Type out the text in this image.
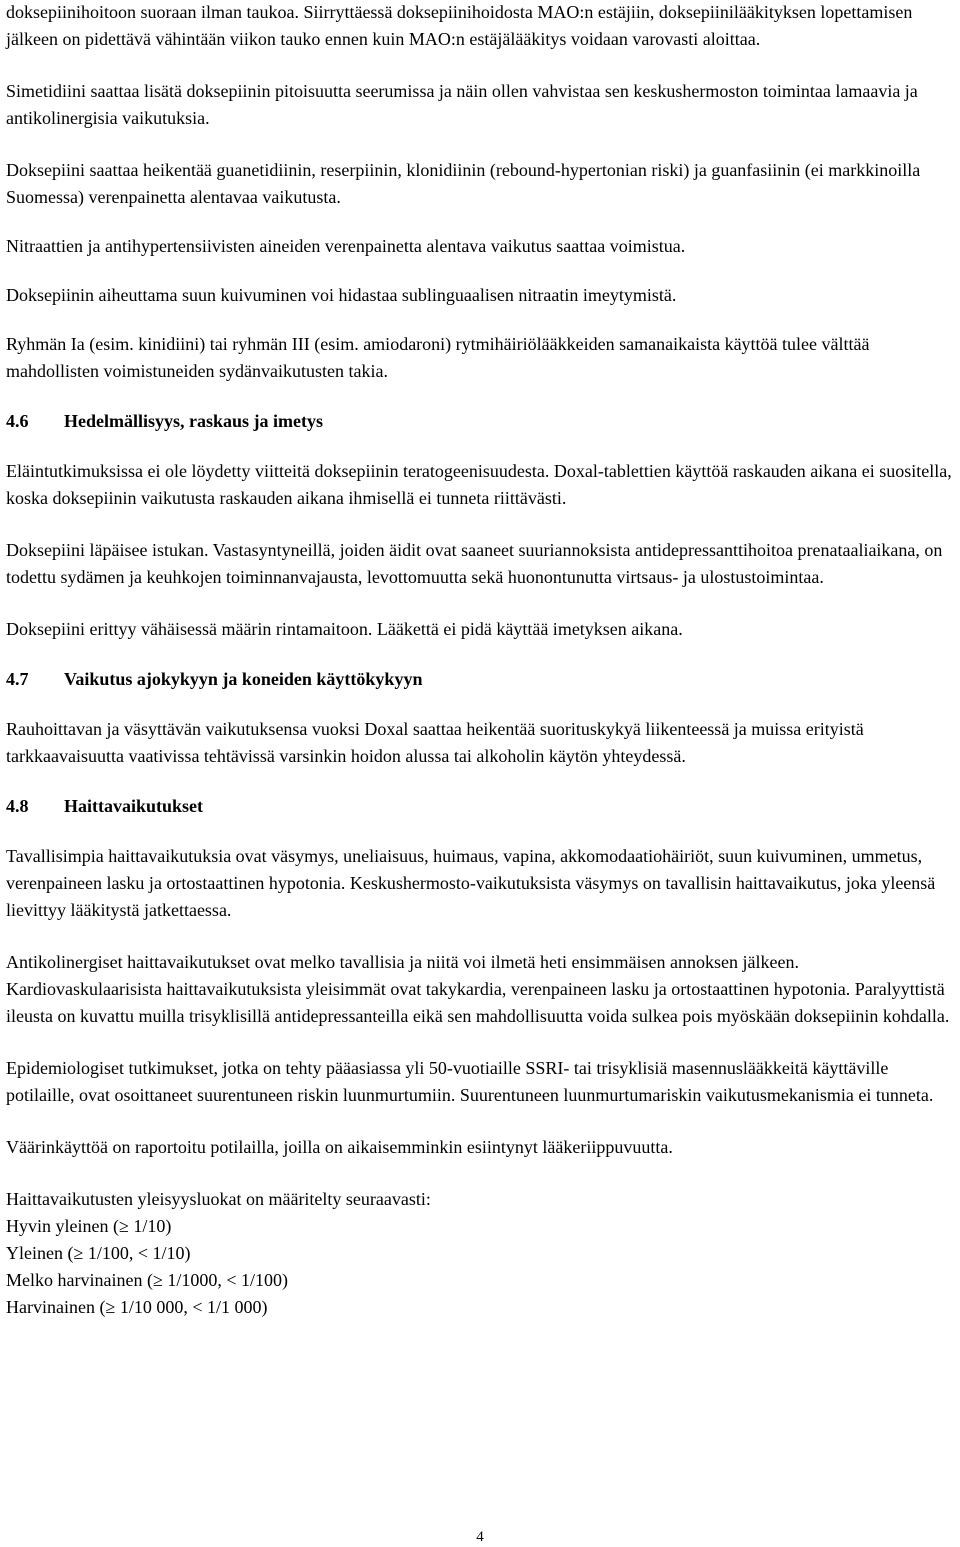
doksepiinihoitoon suoraan ilman taukoa. Siirryttäessä doksepiinihoidosta MAO:n estäjiin, doksepiinilääkityksen lopettamisen jälkeen on pidettävä vähintään viikon tauko ennen kuin MAO:n estäjälääkitys voidaan varovasti aloittaa.

Simetidiini saattaa lisätä doksepiinin pitoisuutta seerumissa ja näin ollen vahvistaa sen keskushermoston toimintaa lamaavia ja antikolinergisia vaikutuksia.

Doksepiini saattaa heikentää guanetidiinin, reserpiinin, klonidiinin (rebound-hypertonian riski) ja guanfasiinin (ei markkinoilla Suomessa) verenpainetta alentavaa vaikutusta.

Nitraattien ja antihypertensiivisten aineiden verenpainetta alentava vaikutus saattaa voimistua.

Doksepiinin aiheuttama suun kuivuminen voi hidastaa sublinguaalisen nitraatin imeytymistä.

Ryhmän Ia (esim. kinidiini) tai ryhmän III (esim. amiodaroni) rytmihäiriölääkkeiden samanaikaista käyttöä tulee välttää mahdollisten voimistuneiden sydänvaikutusten takia.

4.6 Hedelmällisyys, raskaus ja imetys

Eläintutkimuksissa ei ole löydetty viitteitä doksepiinin teratogeenisuudesta. Doxal-tablettien käyttöä raskauden aikana ei suositella, koska doksepiinin vaikutusta raskauden aikana ihmisellä ei tunneta riittävästi.

Doksepiini läpäisee istukan. Vastasyntyneillä, joiden äidit ovat saaneet suuriannoksista antidepressanttihoitoa prenataaliaikana, on todettu sydämen ja keuhkojen toiminnanvajausta, levottomuutta sekä huonontunutta virtsaus- ja ulostustoimintaa.

Doksepiini erittyy vähäisessä määrin rintamaitoon. Lääkettä ei pidä käyttää imetyksen aikana.

4.7 Vaikutus ajokykyyn ja koneiden käyttökykyyn

Rauhoittavan ja väsyttävän vaikutuksensa vuoksi Doxal saattaa heikentää suorituskykyä liikenteessä ja muissa erityistä tarkkaavaisuutta vaativissa tehtävissä varsinkin hoidon alussa tai alkoholin käytön yhteydessä.

4.8 Haittavaikutukset

Tavallisimpia haittavaikutuksia ovat väsymys, uneliaisuus, huimaus, vapina, akkomodaatiohäiriöt, suun kuivuminen, ummetus, verenpaineen lasku ja ortostaattinen hypotonia. Keskushermosto-vaikutuksista väsymys on tavallisin haittavaikutus, joka yleensä lievittyy lääkitystä jatkettaessa.

Antikolinergiset haittavaikutukset ovat melko tavallisia ja niitä voi ilmetä heti ensimmäisen annoksen jälkeen. Kardiovaskulaarisista haittavaikutuksista yleisimmät ovat takykardia, verenpaineen lasku ja ortostaattinen hypotonia. Paralyyttistä ileusta on kuvattu muilla trisyklisillä antidepressanteilla eikä sen mahdollisuutta voida sulkea pois myöskään doksepiinin kohdalla.

Epidemiologiset tutkimukset, jotka on tehty pääasiassa yli 50-vuotiaille SSRI- tai trisyklisiä masennuslääkkeitä käyttäville potilaille, ovat osoittaneet suurentuneen riskin luunmurtumiin. Suurentuneen luunmurtumariskin vaikutusmekanismia ei tunneta.

Väärinkäyttöä on raportoitu potilailla, joilla on aikaisemminkin esiintynyt lääkeriippuvuutta.

Haittavaikutusten yleisyysluokat on määritelty seuraavasti:

Hyvin yleinen (≥ 1/10)
Yleinen (≥ 1/100, < 1/10)
Melko harvinainen (≥ 1/1000, < 1/100)
Harvinainen (≥ 1/10 000, < 1/1 000)
4
